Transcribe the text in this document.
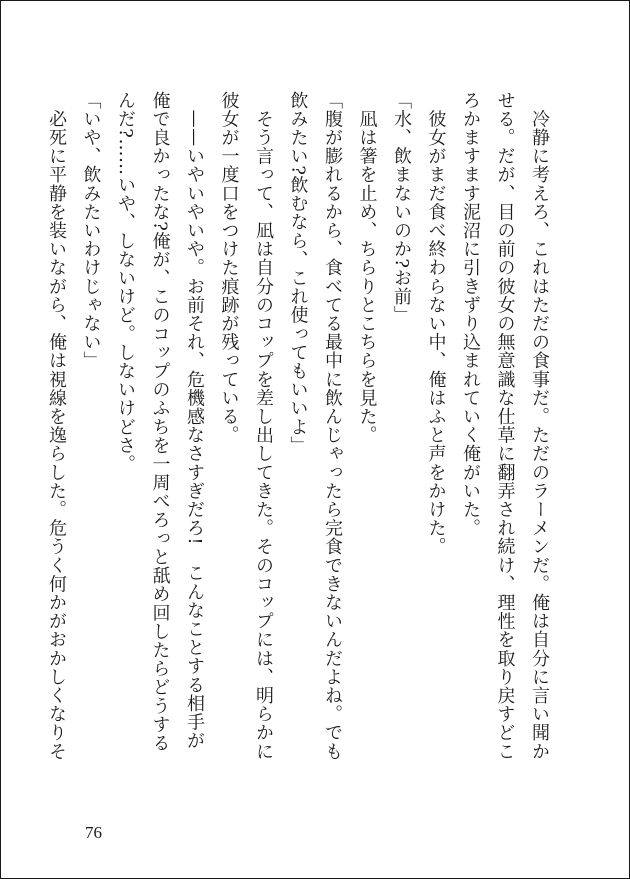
　冷静に考えろ、これはただの食事だ。ただのラーメンだ。俺は自分に言い聞か

せる。だが、目の前の彼女の無意識な仕草に翻弄され続け、理性を取り戻すどこ

ろかますます泥沼に引きずり込まれていく俺がいた。

　彼女がまだ食べ終わらない中、俺はふと声をかけた。

「水、飲まないのか?お前」

　凪は箸を止め、ちらりとこちらを見た。

「腹が膨れるから、食べてる最中に飲んじゃったら完食できないんだよね。でも

飲みたい?飲むなら、これ使ってもいいよ」

　そう言って、凪は自分のコップを差し出してきた。そのコップには、明らかに

彼女が一度口をつけた痕跡が残っている。

　——いやいやいや。お前それ、危機感なさすぎだろ!　こんなことする相手が

俺で良かったな?俺が、このコップのふちを一周べろっと舐め回したらどうする

んだ?……いや、しないけど。しないけどさ。

「いや、飲みたいわけじゃない」

　必死に平静を装いながら、俺は視線を逸らした。危うく何かがおかしくなりそ

76
